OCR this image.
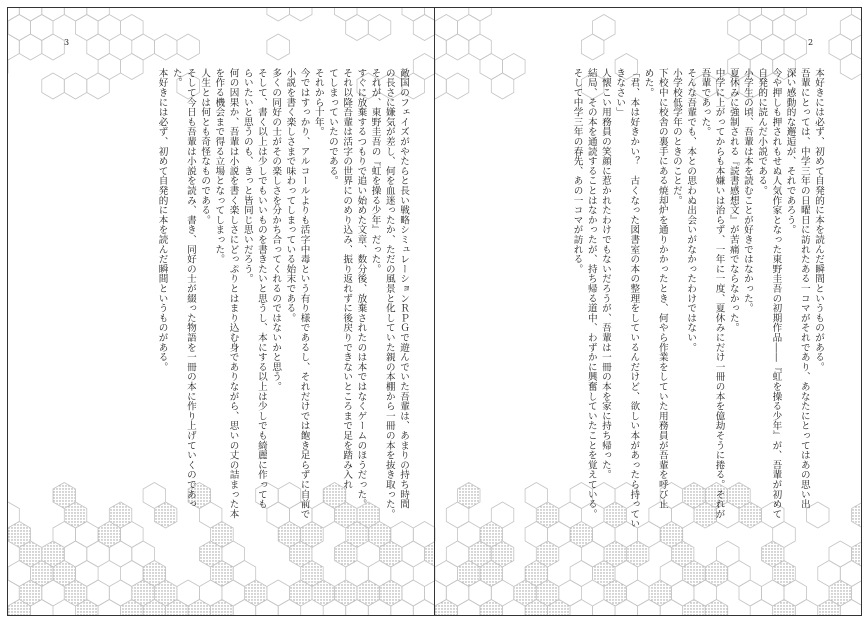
3

敵国のフェイズがやたらと長い戦略シミュレーションＲＰＧで遊んでいた吾輩は、あまりの持ち時間

の長さに嫌気が差し、何を血迷ったか、ただの風景と化していた親の本棚から一冊の本を抜き取った。

それが、東野圭吾の『虹を操る少年』だった。

すぐに放棄するつもりで追い始めた文章、数分後、放棄されたのは本ではなくゲームのほうだった。

それ以降吾輩は活字の世界にのめり込み、振り返れずに後戻りできないところまで足を踏み入れ

てしまっていたのである。

それから十年。

今ではすっかり、アルコールよりも活字中毒という有り様であるし、それだけでは飽き足らずに自前で

小説を書く楽しさまで味わってしまっている始末である。

多くの同好の士がその楽しさを分かち合ってくれるのではないかと思う。

そして、書く以上は少しでもいいものを書きたいと思うし、本にする以上は少しでも綺麗に作っても

らいたいと思うのも、きっと皆同じ思いだろう。

何の因果か、吾輩は小説を書く楽しさにどっぷりとはまり込む身でありながら、思いの丈の詰まった本

を作る機会まで得る立場となってしまった。

人生とは何とも奇怪なものである。

そして今日も吾輩は小説を読み、書き、同好の士が綴った物語を一冊の本に作り上げていくのであっ

た。

本好きには必ず、初めて自発的に本を読んだ瞬間というものがある。

2

本好きには必ず、初めて自発的に本を読んだ瞬間というものがある。

吾輩にとっては、中学三年の日曜日に訪れたある一コマがそれであり、あなたにとってはあの思い出

深い感動的な邂逅が、それであろう。

今や押しも押されもせぬ人気作家となった東野圭吾の初期作品――『虹を操る少年』が、吾輩が初めて

自発的に読んだ小説である。

小学生の頃、吾輩は本を読むことが好きではなかった。

夏休みに強制される『読書感想文』が苦痛でならなかった。

中学に上がってからも本嫌いは治らず、一年に一度、夏休みにだけ一冊の本を億劫そうに捲る。それが

吾輩であった。

そんな吾輩でも、本との思わぬ出会いがなかったわけではない。

小学校低学年のときのことだ。

下校中に校舎の裏手にある焼却炉を通りかかったとき、何やら作業をしていた用務員が吾輩を呼び止

めた。

「君、本は好きかい？　古くなった図書室の本の整理をしているんだけど、欲しい本があったら持ってい

きなさい」

人懐こい用務員の笑顔に惹かれたわけでもないだろうが、吾輩は一冊の本を家に持ち帰った。

結局、その本を通読することはなかったが、持ち帰る道中、わずかに興奮していたことを覚えている。

そして中学三年の春先、あの一コマが訪れる。
